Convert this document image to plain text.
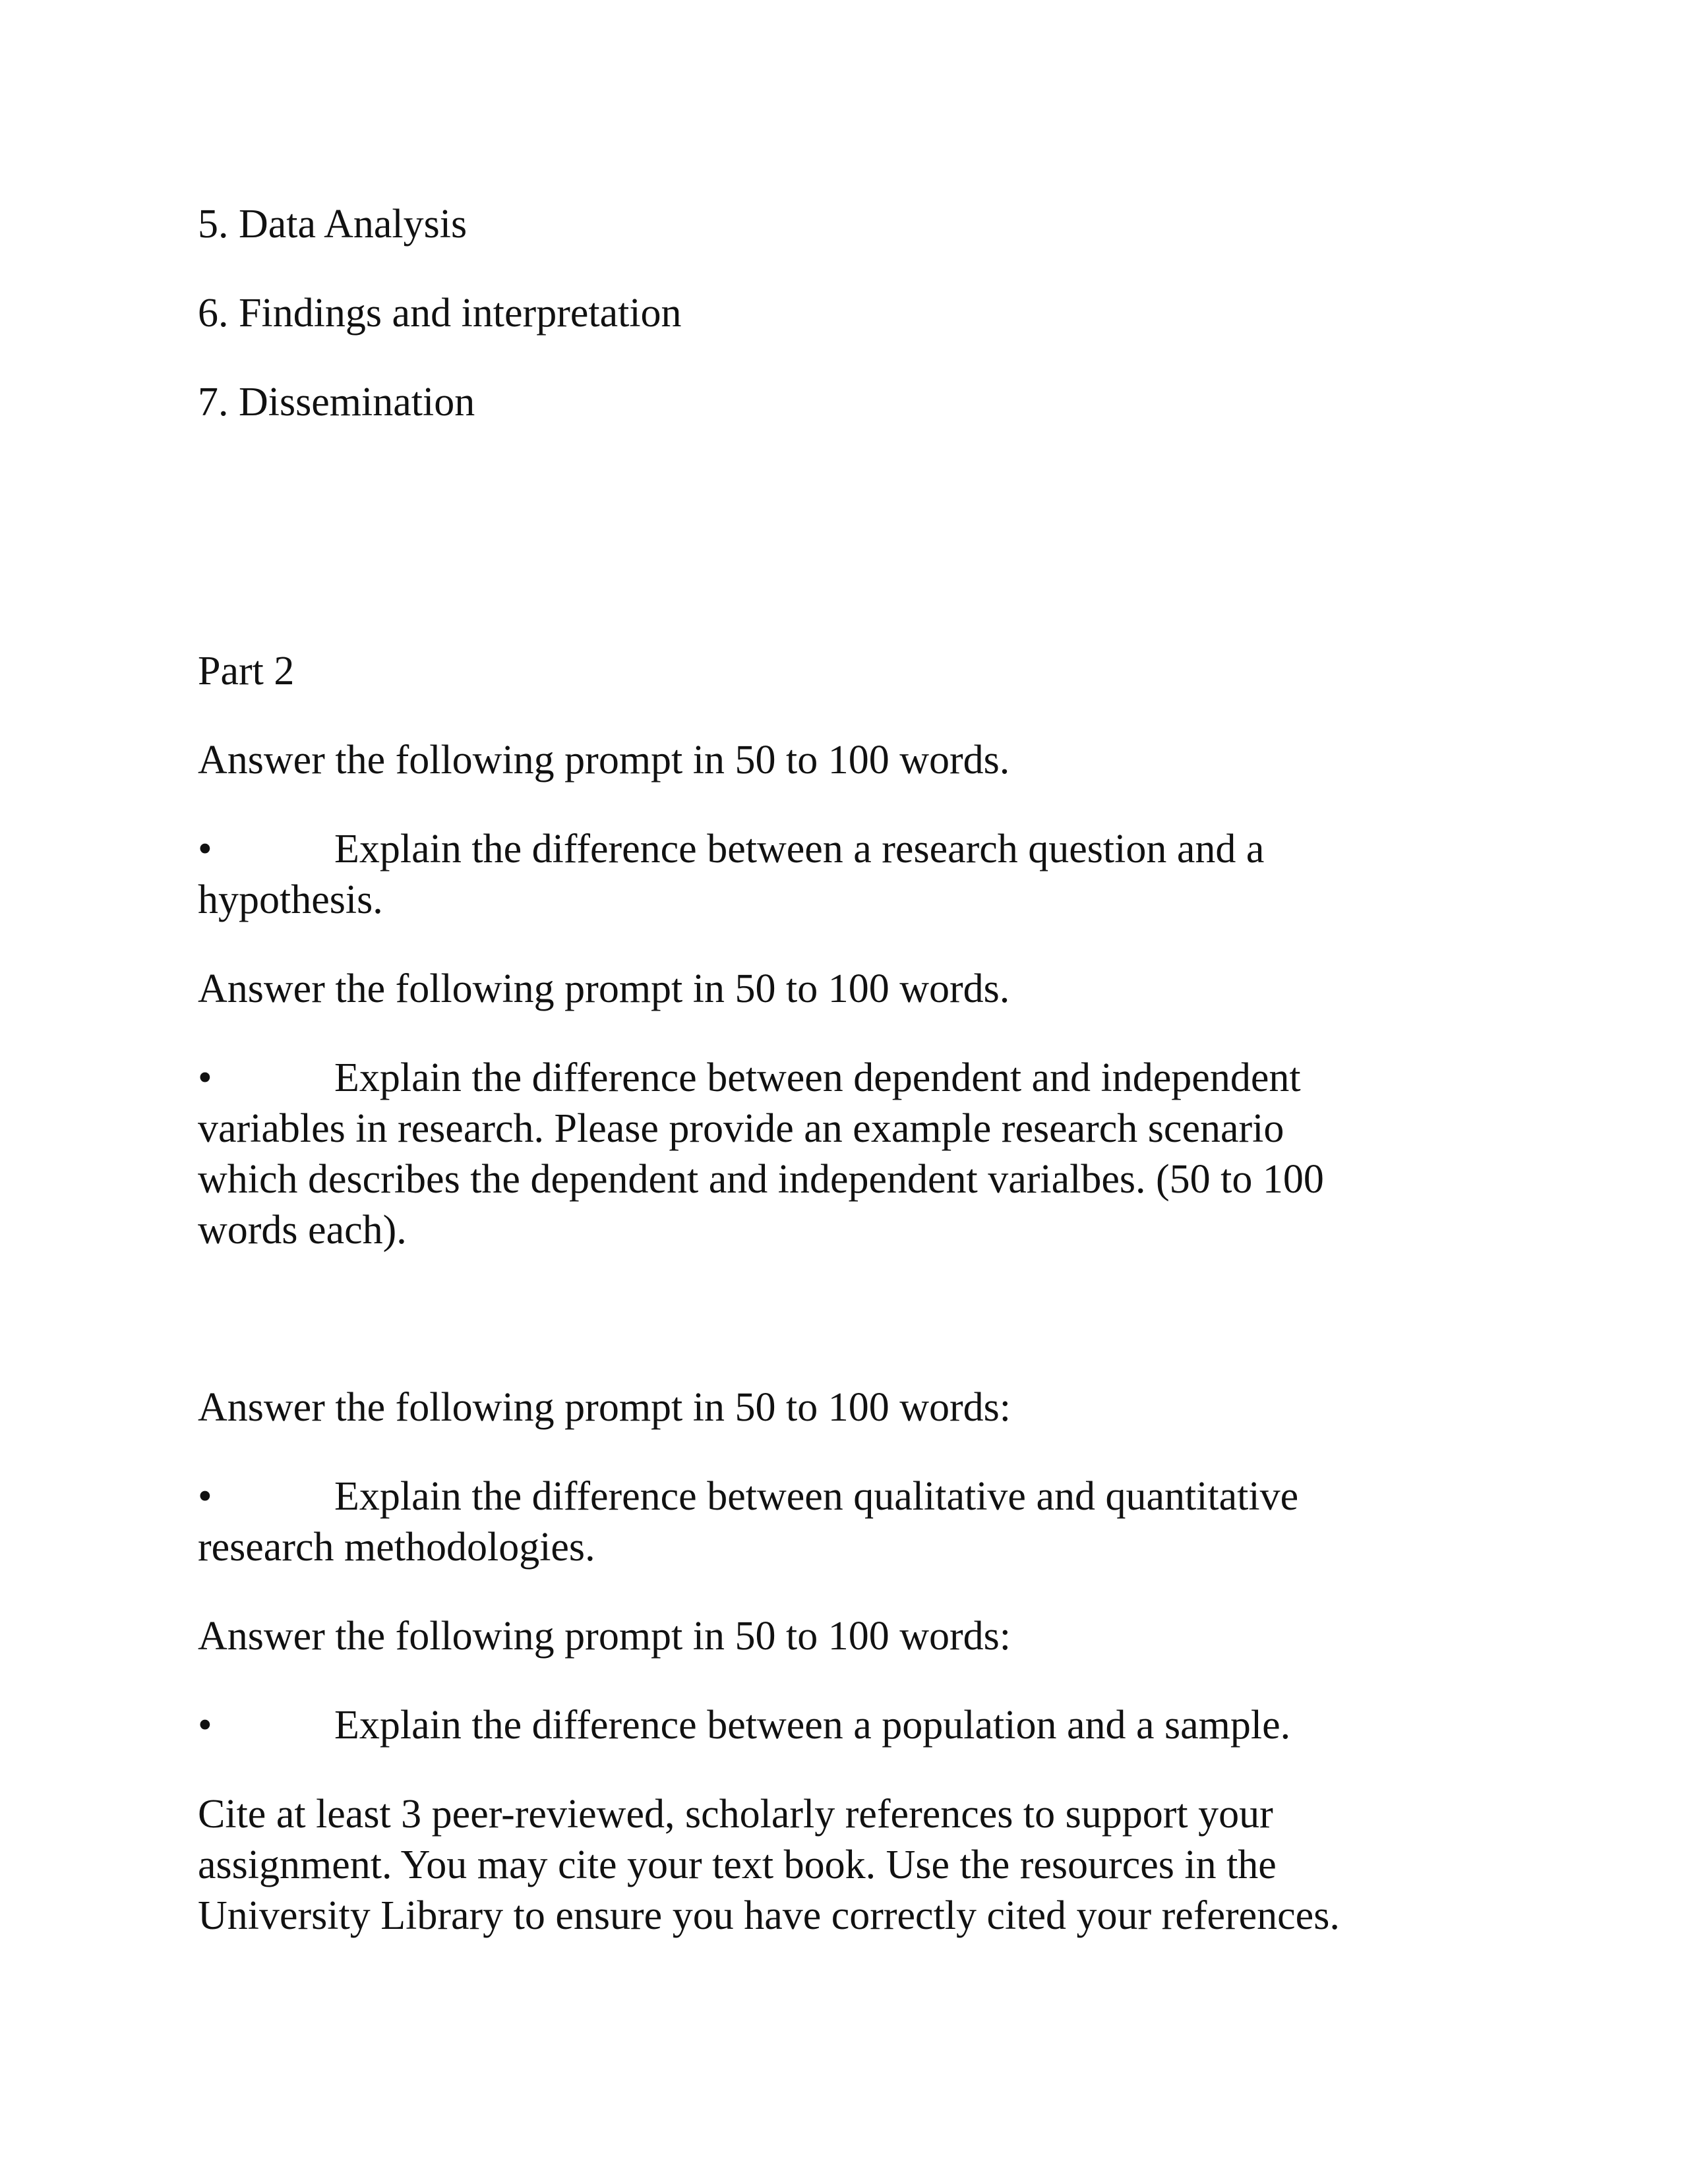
5. Data Analysis
6. Findings and interpretation
7. Dissemination
Part 2
Answer the following prompt in 50 to 100 words.
•	Explain the difference between a research question and a
hypothesis.
Answer the following prompt in 50 to 100 words.
•	Explain the difference between dependent and independent
variables in research. Please provide an example research scenario
which describes the dependent and independent varialbes. (50 to 100
words each).
Answer the following prompt in 50 to 100 words:
•	Explain the difference between qualitative and quantitative
research methodologies.
Answer the following prompt in 50 to 100 words:
•	Explain the difference between a population and a sample.
Cite at least 3 peer-reviewed, scholarly references to support your
assignment. You may cite your text book. Use the resources in the
University Library to ensure you have correctly cited your references.
